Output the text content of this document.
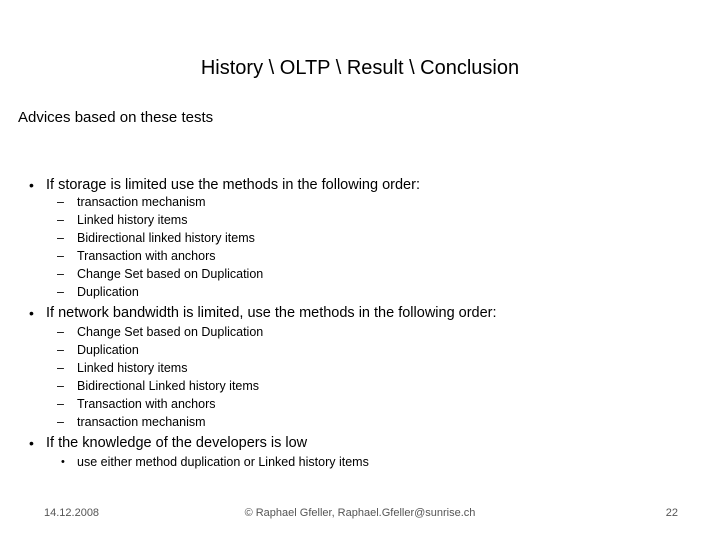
History \ OLTP \ Result \ Conclusion
Advices based on these tests
• If storage is limited use the methods in the following order:
– transaction mechanism
– Linked history items
– Bidirectional linked history items
– Transaction with anchors
– Change Set based on Duplication
– Duplication
• If network bandwidth is limited, use the methods in the following order:
– Change Set based on Duplication
– Duplication
– Linked history items
– Bidirectional Linked history items
– Transaction with anchors
– transaction mechanism
• If the knowledge of the developers is low
• use either method duplication or Linked history items
© Raphael Gfeller, Raphael.Gfeller@sunrise.ch
14.12.2008	22
